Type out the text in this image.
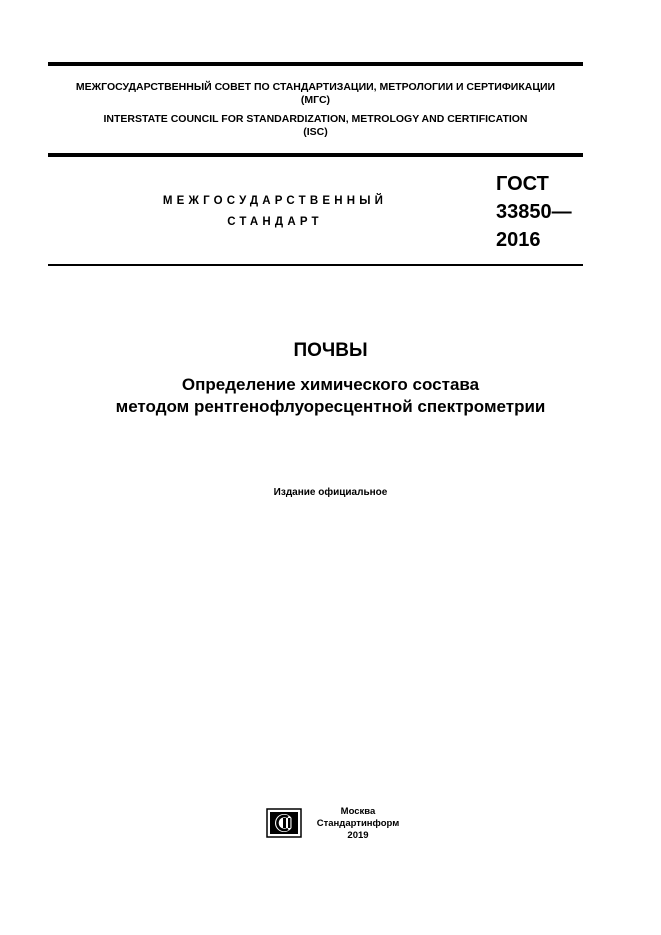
МЕЖГОСУДАРСТВЕННЫЙ СОВЕТ ПО СТАНДАРТИЗАЦИИ, МЕТРОЛОГИИ И СЕРТИФИКАЦИИ
(МГС)
INTERSTATE COUNCIL FOR STANDARDIZATION, METROLOGY AND CERTIFICATION
(ISC)
МЕЖГОСУДАРСТВЕННЫЙ
СТАНДАРТ
ГОСТ
33850—
2016
ПОЧВЫ
Определение химического состава
методом рентгенофлуоресцентной спектрометрии
Издание официальное
Москва
Стандартинформ
2019
